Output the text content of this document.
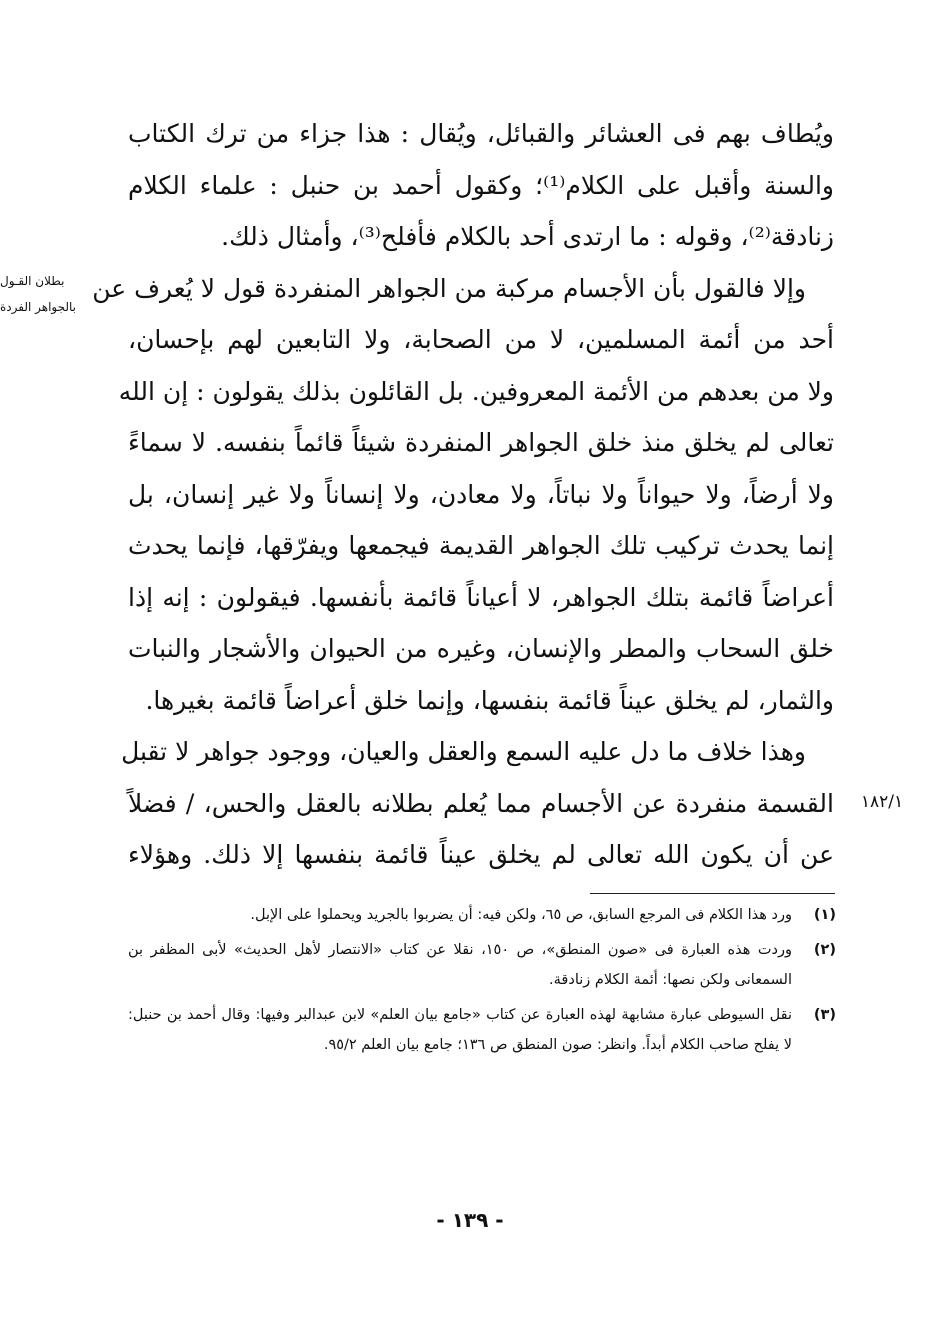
ويُطاف بهم فى العشائر والقبائل، ويُقال : هذا جزاء من ترك الكتاب
والسنة وأقبل على الكلام⁽¹⁾؛ وكقول أحمد بن حنبل : علماء الكلام
زنادقة⁽²⁾، وقوله : ما ارتدى أحد بالكلام فأفلح⁽³⁾، وأمثال ذلك.
وإلا فالقول بأن الأجسام مركبة من الجواهر المنفردة قول لا يُعرف عن
أحد من أئمة المسلمين، لا من الصحابة، ولا التابعين لهم بإحسان،
ولا من بعدهم من الأئمة المعروفين. بل القائلون بذلك يقولون : إن الله
تعالى لم يخلق منذ خلق الجواهر المنفردة شيئاً قائماً بنفسه. لا سماءً
ولا أرضاً، ولا حيواناً ولا نباتاً، ولا معادن، ولا إنساناً ولا غير إنسان، بل
إنما يحدث تركيب تلك الجواهر القديمة فيجمعها ويفرّقها، فإنما يحدث
أعراضاً قائمة بتلك الجواهر، لا أعياناً قائمة بأنفسها. فيقولون : إنه إذا
خلق السحاب والمطر والإنسان، وغيره من الحيوان والأشجار والنبات
والثمار، لم يخلق عيناً قائمة بنفسها، وإنما خلق أعراضاً قائمة بغيرها.
وهذا خلاف ما دل عليه السمع والعقل والعيان، ووجود جواهر لا تقبل
القسمة منفردة عن الأجسام مما يُعلم بطلانه بالعقل والحس، / فضلاً
عن أن يكون الله تعالى لم يخلق عيناً قائمة بنفسها إلا ذلك. وهؤلاء
بطلان القـول
بالجواهر الفردة
١٨٢/١
(١)
ورد هذا الكلام فى المرجع السابق، ص ٦٥، ولكن فيه: أن يضربوا بالجريد ويحملوا على الإبل.
(٢)
وردت هذه العبارة فى «صون المنطق»، ص ١٥٠، نقلا عن كتاب «الانتصار لأهل الحديث» لأبى المظفر بن السمعانى ولكن نصها: أئمة الكلام زنادقة.
(٣)
نقل السيوطى عبارة مشابهة لهذه العبارة عن كتاب «جامع بيان العلم» لابن عبدالبر وفيها: وقال أحمد بن حنبل: لا يفلح صاحب الكلام أبداً. وانظر: صون المنطق ص ١٣٦؛ جامع بيان العلم ٩٥/٢.
- ١٣٩ -
